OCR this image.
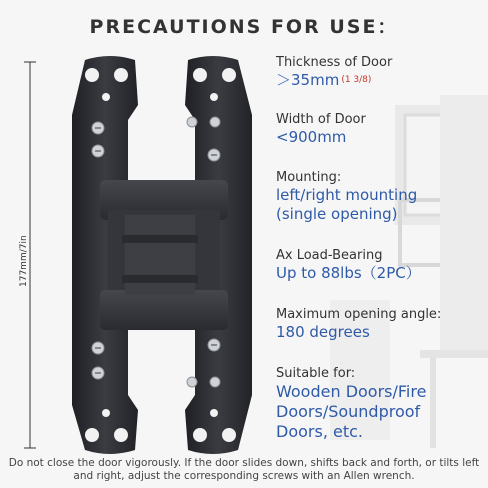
PRECAUTIONS FOR USE：
177mm/7in
Thickness of Door
＞35mm (1 3/8)
Width of Door
<900mm
Mounting:
left/right mounting
(single opening)
Ax Load-Bearing
Up to 88lbs（2PC）
Maximum opening angle:
180 degrees
Suitable for:
Wooden Doors/Fire
Doors/Soundproof
Doors, etc.
Do not close the door vigorously. If the door slides down, shifts back and forth, or tilts left and right, adjust the corresponding screws with an Allen wrench.
